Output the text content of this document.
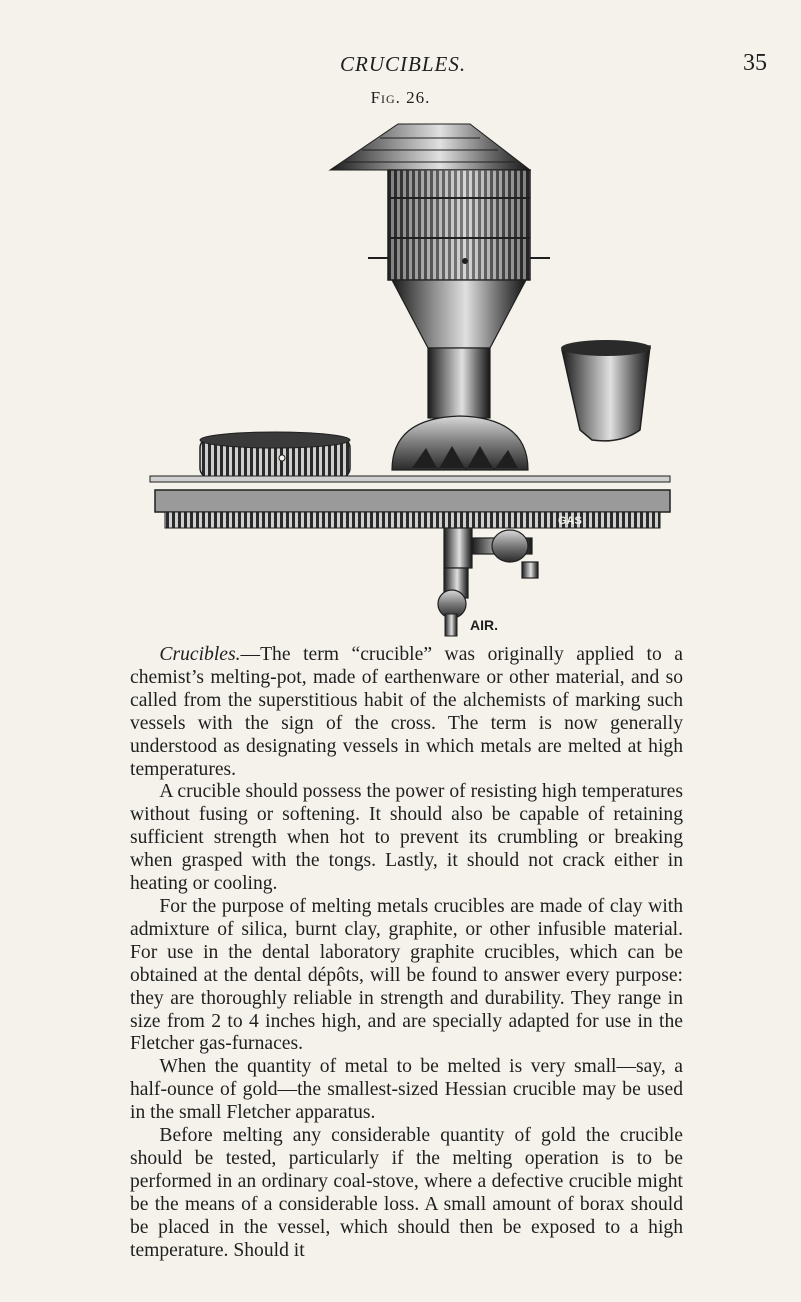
CRUCIBLES.	35
Fig. 26.
GAS
AIR.

Crucibles.—The term “crucible” was originally applied to a chemist’s melting-pot, made of earthenware or other material, and so called from the superstitious habit of the alchemists of marking such vessels with the sign of the cross. The term is now generally understood as designating vessels in which metals are melted at high temperatures.

A crucible should possess the power of resisting high temperatures without fusing or softening. It should also be capable of retaining sufficient strength when hot to prevent its crumbling or breaking when grasped with the tongs. Lastly, it should not crack either in heating or cooling.

For the purpose of melting metals crucibles are made of clay with admixture of silica, burnt clay, graphite, or other infusible material. For use in the dental laboratory graphite crucibles, which can be obtained at the dental dépôts, will be found to answer every purpose: they are thoroughly reliable in strength and durability. They range in size from 2 to 4 inches high, and are specially adapted for use in the Fletcher gas-furnaces.

When the quantity of metal to be melted is very small—say, a half-ounce of gold—the smallest-sized Hessian crucible may be used in the small Fletcher apparatus.

Before melting any considerable quantity of gold the crucible should be tested, particularly if the melting operation is to be performed in an ordinary coal-stove, where a defective crucible might be the means of a considerable loss. A small amount of borax should be placed in the vessel, which should then be exposed to a high temperature. Should it
